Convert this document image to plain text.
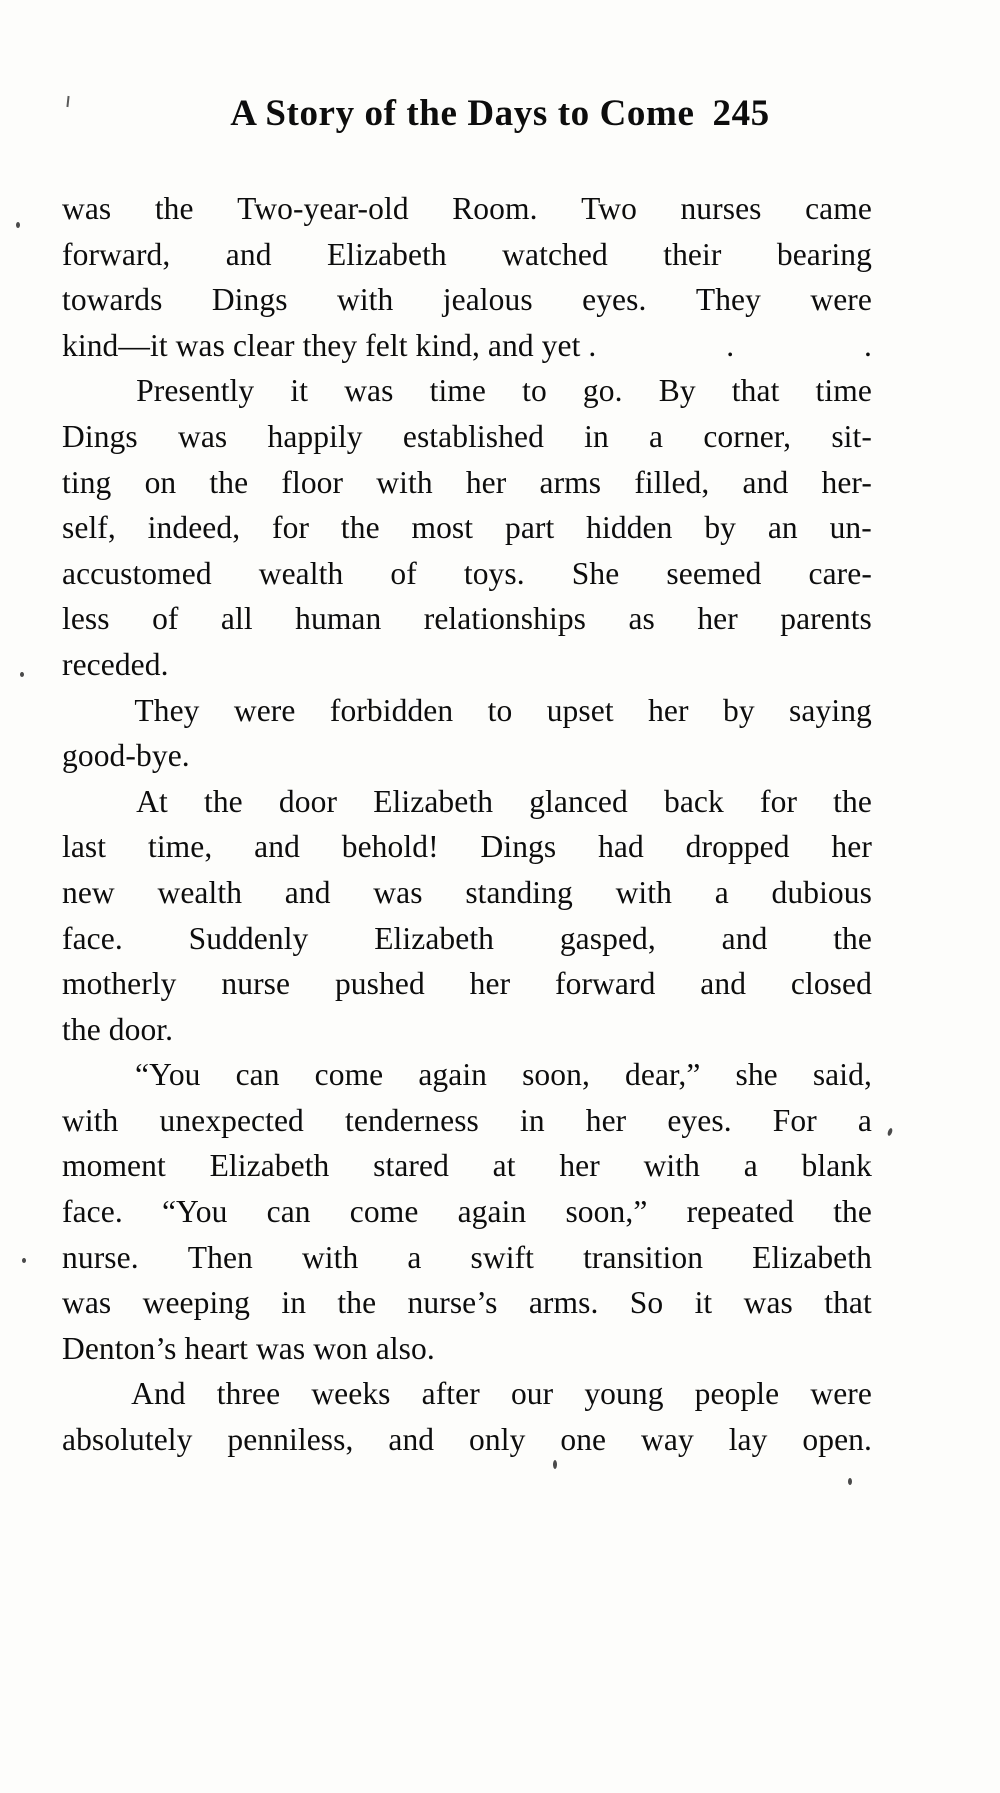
A Story of the Days to Come 245
was the Two-year-old Room. Two nurses came
forward, and Elizabeth watched their bearing
towards Dings with jealous eyes. They were
kind—it was clear they felt kind, and yet .	.	.
Presently it was time to go. By that time
Dings was happily established in a corner, sit-
ting on the floor with her arms filled, and her-
self, indeed, for the most part hidden by an un-
accustomed wealth of toys. She seemed care-
less of all human relationships as her parents
receded.
They were forbidden to upset her by saying
good-bye.
At the door Elizabeth glanced back for the
last time, and behold! Dings had dropped her
new wealth and was standing with a dubious
face. Suddenly Elizabeth gasped, and the
motherly nurse pushed her forward and closed
the door.
“You can come again soon, dear,” she said,
with unexpected tenderness in her eyes. For a
moment Elizabeth stared at her with a blank
face. “You can come again soon,” repeated the
nurse. Then with a swift transition Elizabeth
was weeping in the nurse’s arms. So it was that
Denton’s heart was won also.
And three weeks after our young people were
absolutely penniless, and only one way lay open.
